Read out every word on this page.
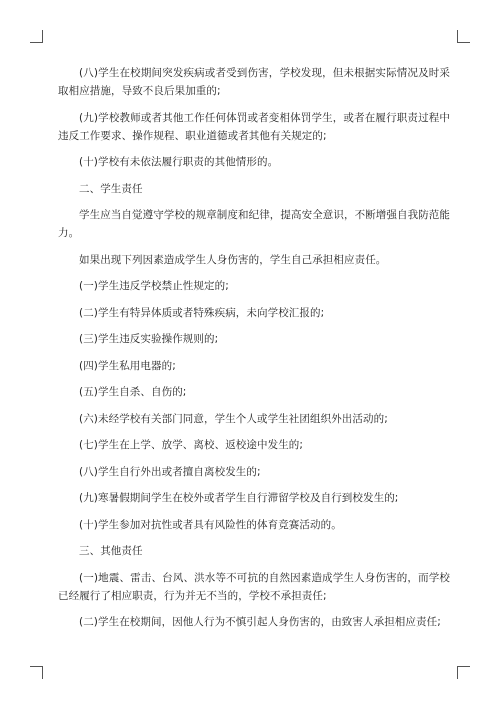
(八)学生在校期间突发疾病或者受到伤害，学校发现，但未根据实际情况及时采取相应措施，导致不良后果加重的;

(九)学校教师或者其他工作任何体罚或者变相体罚学生，或者在履行职责过程中违反工作要求、操作规程、职业道德或者其他有关规定的;

(十)学校有未依法履行职责的其他情形的。

二、学生责任

学生应当自觉遵守学校的规章制度和纪律，提高安全意识，不断增强自我防范能力。

如果出现下列因素造成学生人身伤害的，学生自己承担相应责任。

(一)学生违反学校禁止性规定的;

(二)学生有特异体质或者特殊疾病，未向学校汇报的;

(三)学生违反实验操作规则的;

(四)学生私用电器的;

(五)学生自杀、自伤的;

(六)未经学校有关部门同意，学生个人或学生社团组织外出活动的;

(七)学生在上学、放学、离校、返校途中发生的;

(八)学生自行外出或者擅自离校发生的;

(九)寒暑假期间学生在校外或者学生自行滞留学校及自行到校发生的;

(十)学生参加对抗性或者具有风险性的体育竞赛活动的。

三、其他责任

(一)地震、雷击、台风、洪水等不可抗的自然因素造成学生人身伤害的，而学校已经履行了相应职责，行为并无不当的，学校不承担责任;

(二)学生在校期间，因他人行为不慎引起人身伤害的，由致害人承担相应责任;
